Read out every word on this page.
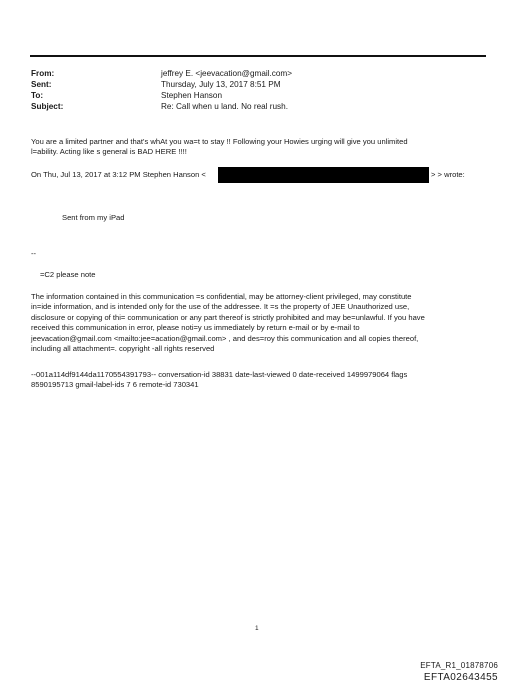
From:	jeffrey E. <jeevacation@gmail.com>
Sent:	Thursday, July 13, 2017 8:51 PM
To:	Stephen Hanson
Subject:	Re: Call when u land. No real rush.
You are a limited partner and that's whAt you wa=t to stay !! Following your Howies urging will give you unlimited
l=ability. Acting like s general is BAD HERE !!!!
On Thu, Jul 13, 2017 at 3:12 PM Stephen Hanson <	> > wrote:
Sent from my iPad
--
=C2 please note
The information contained in this communication =s confidential, may be attorney-client privileged, may constitute
in=ide information, and is intended only for the use of the addressee. It =s the property of JEE Unauthorized use,
disclosure or copying of thi= communication or any part thereof is strictly prohibited and may be=unlawful. If you have
received this communication in error, please noti=y us immediately by return e-mail or by e-mail to
jeevacation@gmail.com <mailto:jee=acation@gmail.com> , and des=roy this communication and all copies thereof,
including all attachment=. copyright -all rights reserved
--001a114df9144da1170554391793-- conversation-id 38831 date-last-viewed 0 date-received 1499979064 flags
8590195713 gmail-label-ids 7 6 remote-id 730341
1
EFTA_R1_01878706
EFTA02643455
